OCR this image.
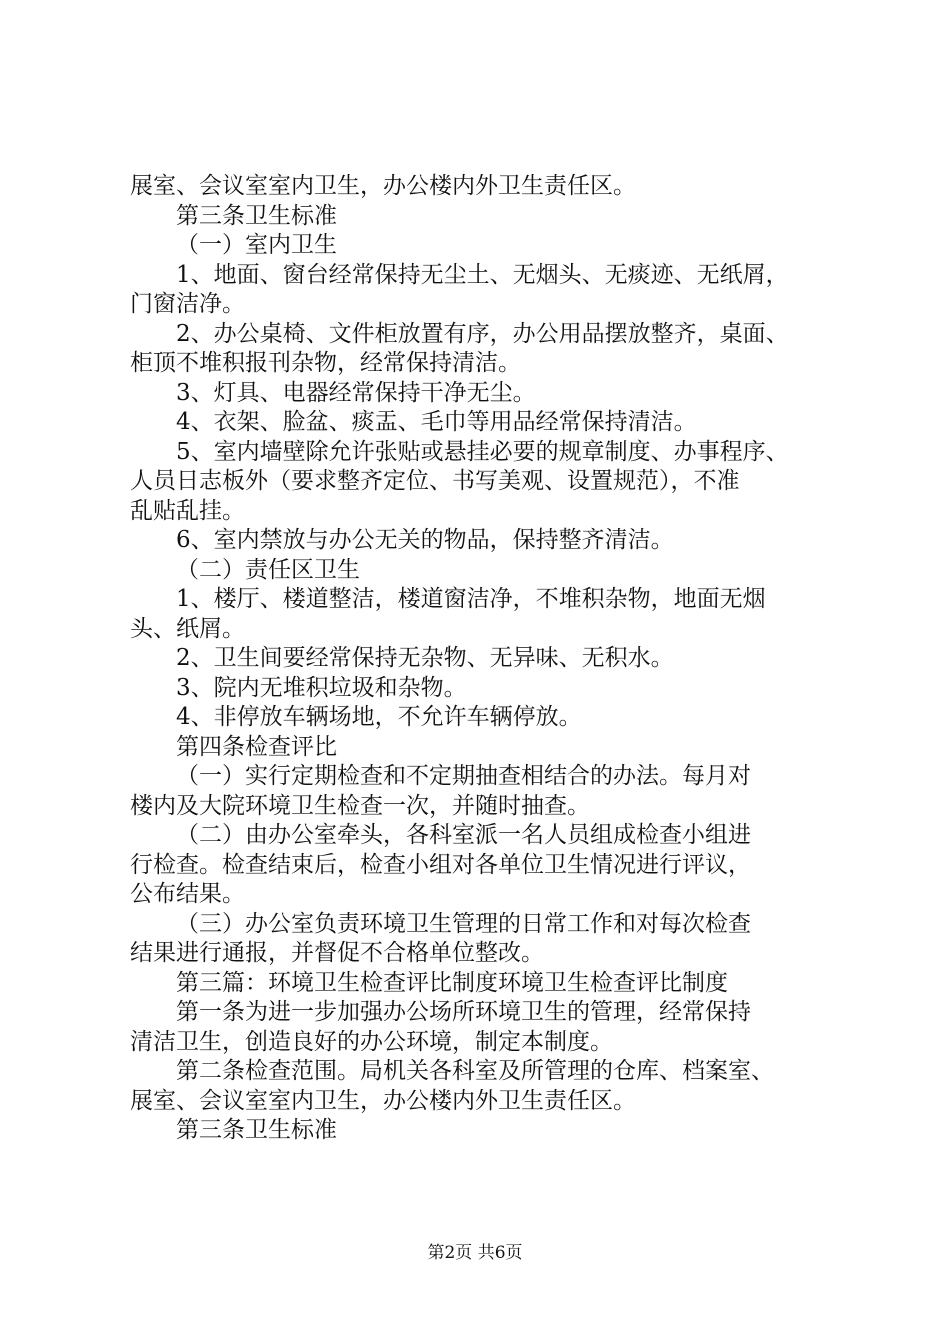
展室、会议室室内卫生，办公楼内外卫生责任区。
第三条卫生标准
（一）室内卫生
1、地面、窗台经常保持无尘土、无烟头、无痰迹、无纸屑，
门窗洁净。
2、办公桌椅、文件柜放置有序，办公用品摆放整齐，桌面、
柜顶不堆积报刊杂物，经常保持清洁。
3、灯具、电器经常保持干净无尘。
4、衣架、脸盆、痰盂、毛巾等用品经常保持清洁。
5、室内墙壁除允许张贴或悬挂必要的规章制度、办事程序、
人员日志板外（要求整齐定位、书写美观、设置规范），不准
乱贴乱挂。
6、室内禁放与办公无关的物品，保持整齐清洁。
（二）责任区卫生
1、楼厅、楼道整洁，楼道窗洁净，不堆积杂物，地面无烟
头、纸屑。
2、卫生间要经常保持无杂物、无异味、无积水。
3、院内无堆积垃圾和杂物。
4、非停放车辆场地，不允许车辆停放。
第四条检查评比
（一）实行定期检查和不定期抽查相结合的办法。每月对
楼内及大院环境卫生检查一次，并随时抽查。
（二）由办公室牵头，各科室派一名人员组成检查小组进
行检查。检查结束后，检查小组对各单位卫生情况进行评议，
公布结果。
（三）办公室负责环境卫生管理的日常工作和对每次检查
结果进行通报，并督促不合格单位整改。
第三篇：环境卫生检查评比制度环境卫生检查评比制度
第一条为进一步加强办公场所环境卫生的管理，经常保持
清洁卫生，创造良好的办公环境，制定本制度。
第二条检查范围。局机关各科室及所管理的仓库、档案室、
展室、会议室室内卫生，办公楼内外卫生责任区。
第三条卫生标准
第2页 共6页
